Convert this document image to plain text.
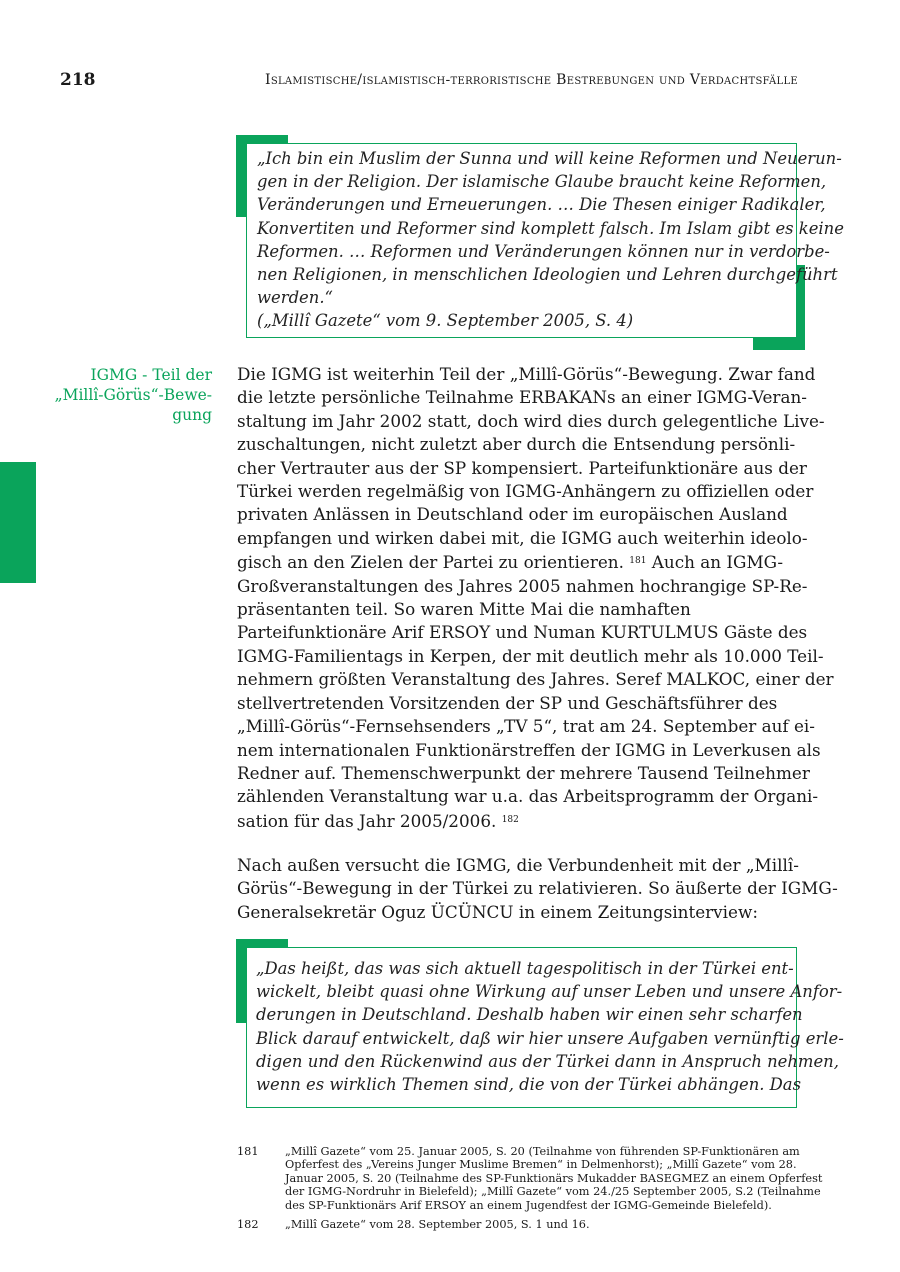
218	Islamistische/islamistisch-terroristische Bestrebungen und Verdachtsfälle
„Ich bin ein Muslim der Sunna und will keine Reformen und Neuerun-
gen in der Religion. Der islamische Glaube braucht keine Reformen,
Veränderungen und Erneuerungen. … Die Thesen einiger Radikaler,
Konvertiten und Reformer sind komplett falsch. Im Islam gibt es keine
Reformen. … Reformen und Veränderungen können nur in verdorbe-
nen Religionen, in menschlichen Ideologien und Lehren durchgeführt
werden.“
(„Millî Gazete“ vom 9. September 2005, S. 4)
IGMG - Teil der
„Millî-Görüs“-Bewe-
gung
Die IGMG ist weiterhin Teil der „Millî-Görüs“-Bewegung. Zwar fand
die letzte persönliche Teilnahme ERBAKANs an einer IGMG-Veran-
staltung im Jahr 2002 statt, doch wird dies durch gelegentliche Live-
zuschaltungen, nicht zuletzt aber durch die Entsendung persönli-
cher Vertrauter aus der SP kompensiert. Parteifunktionäre aus der
Türkei werden regelmäßig von IGMG-Anhängern zu offiziellen oder
privaten Anlässen in Deutschland oder im europäischen Ausland
empfangen und wirken dabei mit, die IGMG auch weiterhin ideolo-
gisch an den Zielen der Partei zu orientieren. $^{181}$ Auch an IGMG-
Großveranstaltungen des Jahres 2005 nahmen hochrangige SP-Re-
präsentanten teil. So waren Mitte Mai die namhaften
Parteifunktionäre Arif ERSOY und Numan KURTULMUS Gäste des
IGMG-Familientags in Kerpen, der mit deutlich mehr als 10.000 Teil-
nehmern größten Veranstaltung des Jahres. Seref MALKOC, einer der
stellvertretenden Vorsitzenden der SP und Geschäftsführer des
„Millî-Görüs“-Fernsehsenders „TV 5“, trat am 24. September auf ei-
nem internationalen Funktionärstreffen der IGMG in Leverkusen als
Redner auf. Themenschwerpunkt der mehrere Tausend Teilnehmer
zählenden Veranstaltung war u.a. das Arbeitsprogramm der Organi-
sation für das Jahr 2005/2006. $^{182}$
Nach außen versucht die IGMG, die Verbundenheit mit der „Millî-
Görüs“-Bewegung in der Türkei zu relativieren. So äußerte der IGMG-
Generalsekretär Oguz ÜCÜNCU in einem Zeitungsinterview:
„Das heißt, das was sich aktuell tagespolitisch in der Türkei ent-
wickelt, bleibt quasi ohne Wirkung auf unser Leben und unsere Anfor-
derungen in Deutschland. Deshalb haben wir einen sehr scharfen
Blick darauf entwickelt, daß wir hier unsere Aufgaben vernünftig erle-
digen und den Rückenwind aus der Türkei dann in Anspruch nehmen,
wenn es wirklich Themen sind, die von der Türkei abhängen. Das
181 „Millî Gazete“ vom 25. Januar 2005, S. 20 (Teilnahme von führenden SP-Funktionären am
Opferfest des „Vereins Junger Muslime Bremen“ in Delmenhorst); „Millî Gazete“ vom 28.
Januar 2005, S. 20 (Teilnahme des SP-Funktionärs Mukadder BASEGMEZ an einem Opferfest
der IGMG-Nordruhr in Bielefeld); „Millî Gazete“ vom 24./25 September 2005, S.2 (Teilnahme
des SP-Funktionärs Arif ERSOY an einem Jugendfest der IGMG-Gemeinde Bielefeld).
182 „Millî Gazete“ vom 28. September 2005, S. 1 und 16.
